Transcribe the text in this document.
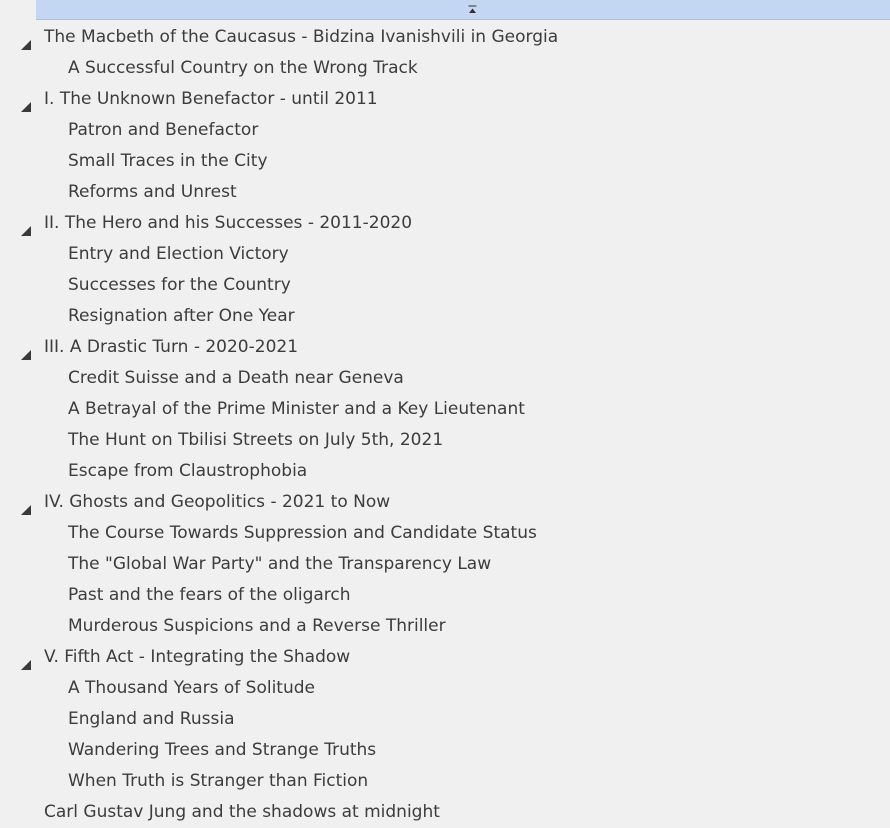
The Macbeth of the Caucasus - Bidzina Ivanishvili in Georgia
A Successful Country on the Wrong Track
I. The Unknown Benefactor - until 2011
Patron and Benefactor
Small Traces in the City
Reforms and Unrest
II. The Hero and his Successes - 2011-2020
Entry and Election Victory
Successes for the Country
Resignation after One Year
III. A Drastic Turn - 2020-2021
Credit Suisse and a Death near Geneva
A Betrayal of the Prime Minister and a Key Lieutenant
The Hunt on Tbilisi Streets on July 5th, 2021
Escape from Claustrophobia
IV. Ghosts and Geopolitics - 2021 to Now
The Course Towards Suppression and Candidate Status
The "Global War Party" and the Transparency Law
Past and the fears of the oligarch
Murderous Suspicions and a Reverse Thriller
V. Fifth Act - Integrating the Shadow
A Thousand Years of Solitude
England and Russia
Wandering Trees and Strange Truths
When Truth is Stranger than Fiction
Carl Gustav Jung and the shadows at midnight
